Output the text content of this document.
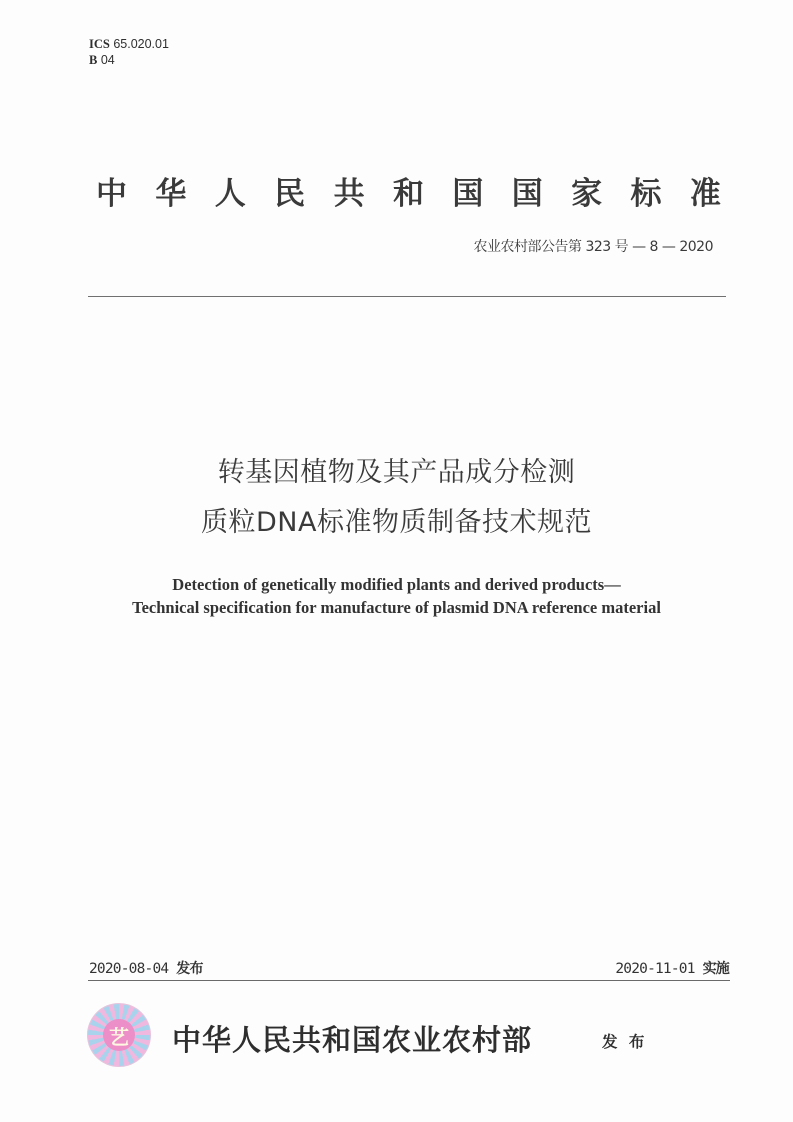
ICS 65.020.01
B 04
中 华 人 民 共 和 国 国 家 标 准
农业农村部公告第 323 号 — 8 — 2020
转基因植物及其产品成分检测
质粒DNA标准物质制备技术规范
Detection of genetically modified plants and derived products—
Technical specification for manufacture of plasmid DNA reference material
2020-08-04 发布	2020-11-01 实施
艺 中华人民共和国农业农村部	发 布
